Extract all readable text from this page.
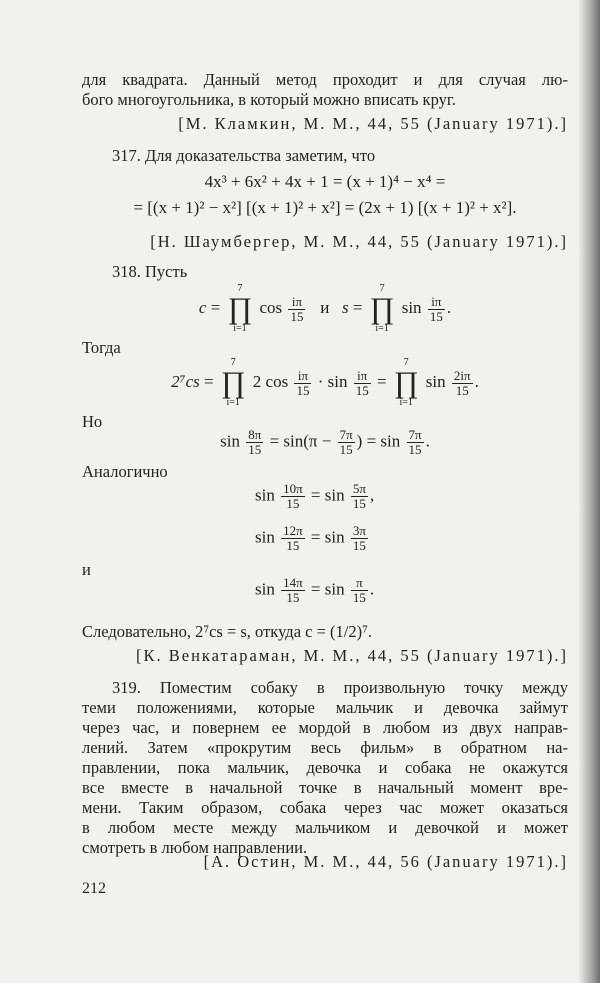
для квадрата. Данный метод проходит и для случая лю-
бого многоугольника, в который можно вписать круг.
[М. Кламкин, М. М., 44, 55 (January 1971).]
317. Для доказательства заметим, что
4x³ + 6x² + 4x + 1 = (x + 1)⁴ − x⁴ =
= [(x + 1)² − x²] [(x + 1)² + x²] = (2x + 1) [(x + 1)² + x²].
[Н. Шаумбергер, М. М., 44, 55 (January 1971).]
318. Пусть
c =
7
∏
i=1
$\cos \frac{i\pi}{15}$ и s =
7
∏
i=1
$\sin \frac{i\pi}{15}$ .
Тогда
2⁷cs =
7
∏
i=1
2 $\cos \frac{i\pi}{15} \cdot \sin \frac{i\pi}{15}$ =
7
∏
i=1
$\sin \frac{2i\pi}{15}$ .
Но
$\sin \frac{8\pi}{15} = \sin(\pi - \frac{7\pi}{15}$ ) = $\sin \frac{7\pi}{15}$ .
Аналогично
$\sin \frac{10\pi}{15} = \sin \frac{5\pi}{15}$ ,
$\sin \frac{12\pi}{15} = \sin \frac{3\pi}{15}$
и
$\sin \frac{14\pi}{15} = \sin \frac{\pi}{15}$ .
Следовательно, 2⁷cs = s, откуда c = (1/2)⁷.
[К. Венкатараман, М. М., 44, 55 (January 1971).]
319. Поместим собаку в произвольную точку между
теми положениями, которые мальчик и девочка займут
через час, и повернем ее мордой в любом из двух направ-
лений. Затем «прокрутим весь фильм» в обратном на-
правлении, пока мальчик, девочка и собака не окажутся
все вместе в начальной точке в начальный момент вре-
мени. Таким образом, собака через час может оказаться
в любом месте между мальчиком и девочкой и может
смотреть в любом направлении.
[А. Остин, М. М., 44, 56 (January 1971).]
212
